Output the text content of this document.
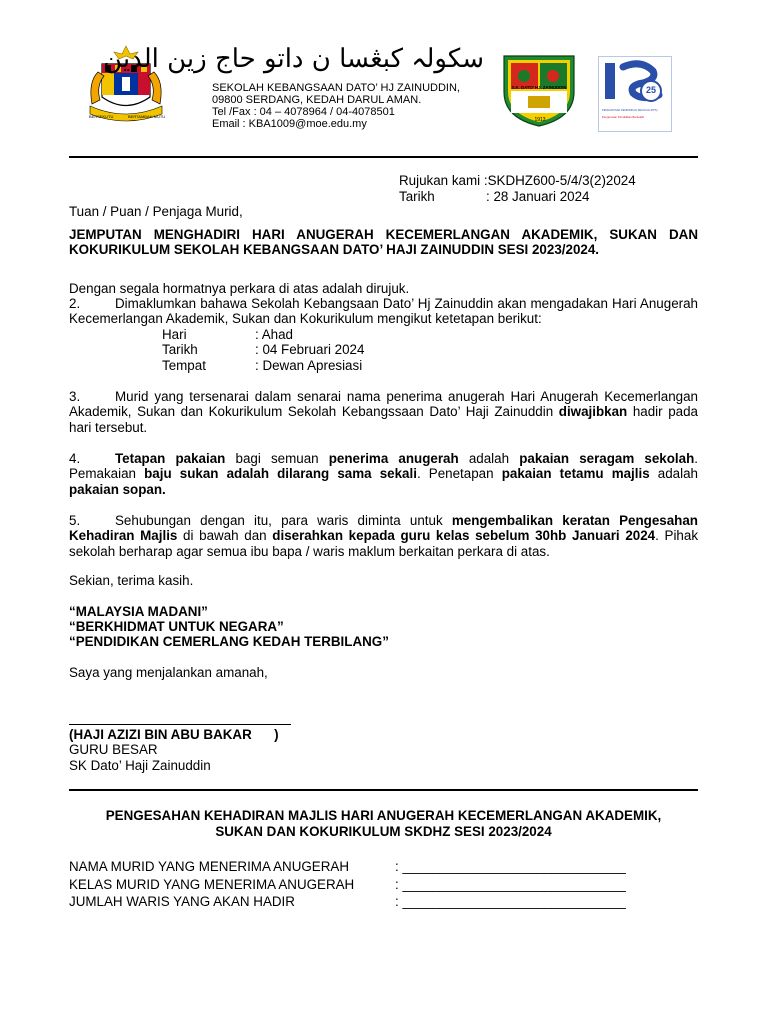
BERSEKUTU	BERTAMBAH MUTU
سکولہ کبڠسا ن داتو حاج زين الدين
SEKOLAH KEBANGSAAN DATO’ HJ ZAINUDDIN,
09800 SERDANG, KEDAH DARUL AMAN.
Tel /Fax : 04 – 4078964 / 04-4078501
Email : KBA1009@moe.edu.my
S.K. DATO' HJ. ZAINUDDIN
1913
25
PENGURUSAN PENDIDIKAN SEKOLAH (PPS)
Pengurusan Pendidikan Berkualiti
Rujukan kami :SKDHZ600-5/4/3(2)2024
Tarikh	: 28 Januari 2024
Tuan / Puan / Penjaga Murid,
JEMPUTAN MENGHADIRI HARI ANUGERAH KECEMERLANGAN AKADEMIK, SUKAN DAN KOKURIKULUM SEKOLAH KEBANGSAAN DATO’ HAJI ZAINUDDIN SESI 2023/2024.
Dengan segala hormatnya perkara di atas adalah dirujuk.
2.	Dimaklumkan bahawa Sekolah Kebangsaan Dato’ Hj Zainuddin akan mengadakan Hari Anugerah Kecemerlangan Akademik, Sukan dan Kokurikulum mengikut ketetapan berikut:
Hari	: Ahad
Tarikh	: 04 Februari 2024
Tempat	: Dewan Apresiasi
3.	Murid yang tersenarai dalam senarai nama penerima anugerah Hari Anugerah Kecemerlangan Akademik, Sukan dan Kokurikulum Sekolah Kebangssaan Dato’ Haji Zainuddin diwajibkan hadir pada hari tersebut.
4.	Tetapan pakaian bagi semuan penerima anugerah adalah pakaian seragam sekolah. Pemakaian baju sukan adalah dilarang sama sekali. Penetapan pakaian tetamu majlis adalah pakaian sopan.
5.	Sehubungan dengan itu, para waris diminta untuk mengembalikan keratan Pengesahan Kehadiran Majlis di bawah dan diserahkan kepada guru kelas sebelum 30hb Januari 2024. Pihak sekolah berharap agar semua ibu bapa / waris maklum berkaitan perkara di atas.
Sekian, terima kasih.
“MALAYSIA MADANI”
“BERKHIDMAT UNTUK NEGARA”
“PENDIDIKAN CEMERLANG KEDAH TERBILANG”
Saya yang menjalankan amanah,
(HAJI AZIZI BIN ABU BAKAR      )
GURU BESAR
SK Dato’ Haji Zainuddin
PENGESAHAN KEHADIRAN MAJLIS HARI ANUGERAH KECEMERLANGAN AKADEMIK,
SUKAN DAN KOKURIKULUM SKDHZ SESI 2023/2024
NAMA MURID YANG MENERIMA ANUGERAH	: ______________________________
KELAS MURID YANG MENERIMA ANUGERAH	: ______________________________
JUMLAH WARIS YANG AKAN HADIR	: ______________________________
